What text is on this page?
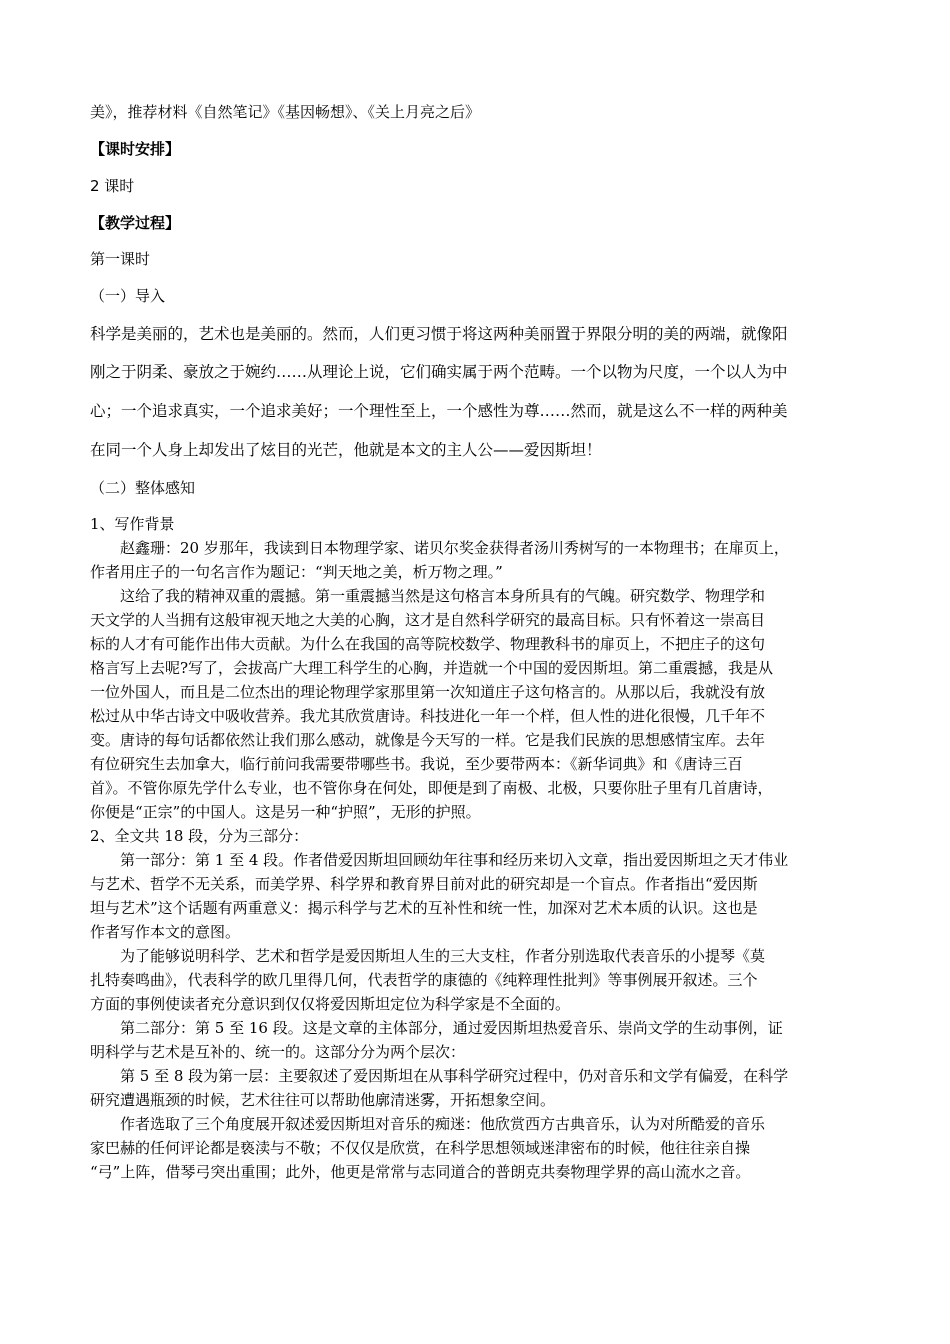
美》，推荐材料《自然笔记》《基因畅想》、《关上月亮之后》
【课时安排】
2 课时
【教学过程】
第一课时
（一）导入
科学是美丽的，艺术也是美丽的。然而，人们更习惯于将这两种美丽置于界限分明的美的两端，就像阳
刚之于阴柔、豪放之于婉约……从理论上说，它们确实属于两个范畴。一个以物为尺度，一个以人为中
心；一个追求真实，一个追求美好；一个理性至上，一个感性为尊……然而，就是这么不一样的两种美
在同一个人身上却发出了炫目的光芒，他就是本文的主人公——爱因斯坦！
（二）整体感知
1、写作背景
　　赵鑫珊：20 岁那年，我读到日本物理学家、诺贝尔奖金获得者汤川秀树写的一本物理书；在扉页上，
作者用庄子的一句名言作为题记：“判天地之美，析万物之理。”
　　这给了我的精神双重的震撼。第一重震撼当然是这句格言本身所具有的气魄。研究数学、物理学和
天文学的人当拥有这般审视天地之大美的心胸，这才是自然科学研究的最高目标。只有怀着这一崇高目
标的人才有可能作出伟大贡献。为什么在我国的高等院校数学、物理教科书的扉页上，不把庄子的这句
格言写上去呢?写了，会拔高广大理工科学生的心胸，并造就一个中国的爱因斯坦。第二重震撼，我是从
一位外国人，而且是二位杰出的理论物理学家那里第一次知道庄子这句格言的。从那以后，我就没有放
松过从中华古诗文中吸收营养。我尤其欣赏唐诗。科技进化一年一个样，但人性的进化很慢，几千年不
变。唐诗的每句话都依然让我们那么感动，就像是今天写的一样。它是我们民族的思想感情宝库。去年
有位研究生去加拿大，临行前问我需要带哪些书。我说，至少要带两本：《新华词典》和《唐诗三百
首》。不管你原先学什么专业，也不管你身在何处，即便是到了南极、北极，只要你肚子里有几首唐诗，
你便是“正宗”的中国人。这是另一种“护照”，无形的护照。
2、全文共 18 段，分为三部分：
　　第一部分：第 1 至 4 段。作者借爱因斯坦回顾幼年往事和经历来切入文章，指出爱因斯坦之天才伟业
与艺术、哲学不无关系，而美学界、科学界和教育界目前对此的研究却是一个盲点。作者指出“爱因斯
坦与艺术”这个话题有两重意义：揭示科学与艺术的互补性和统一性，加深对艺术本质的认识。这也是
作者写作本文的意图。
　　为了能够说明科学、艺术和哲学是爱因斯坦人生的三大支柱，作者分别选取代表音乐的小提琴《莫
扎特奏鸣曲》，代表科学的欧几里得几何，代表哲学的康德的《纯粹理性批判》等事例展开叙述。三个
方面的事例使读者充分意识到仅仅将爱因斯坦定位为科学家是不全面的。
　　第二部分：第 5 至 16 段。这是文章的主体部分，通过爱因斯坦热爱音乐、崇尚文学的生动事例，证
明科学与艺术是互补的、统一的。这部分分为两个层次：
　　第 5 至 8 段为第一层：主要叙述了爱因斯坦在从事科学研究过程中，仍对音乐和文学有偏爱，在科学
研究遭遇瓶颈的时候，艺术往往可以帮助他廓清迷雾，开拓想象空间。
　　作者选取了三个角度展开叙述爱因斯坦对音乐的痴迷：他欣赏西方古典音乐，认为对所酷爱的音乐
家巴赫的任何评论都是亵渎与不敬；不仅仅是欣赏，在科学思想领域迷津密布的时候，他往往亲自操
“弓”上阵，借琴弓突出重围；此外，他更是常常与志同道合的普朗克共奏物理学界的高山流水之音。
